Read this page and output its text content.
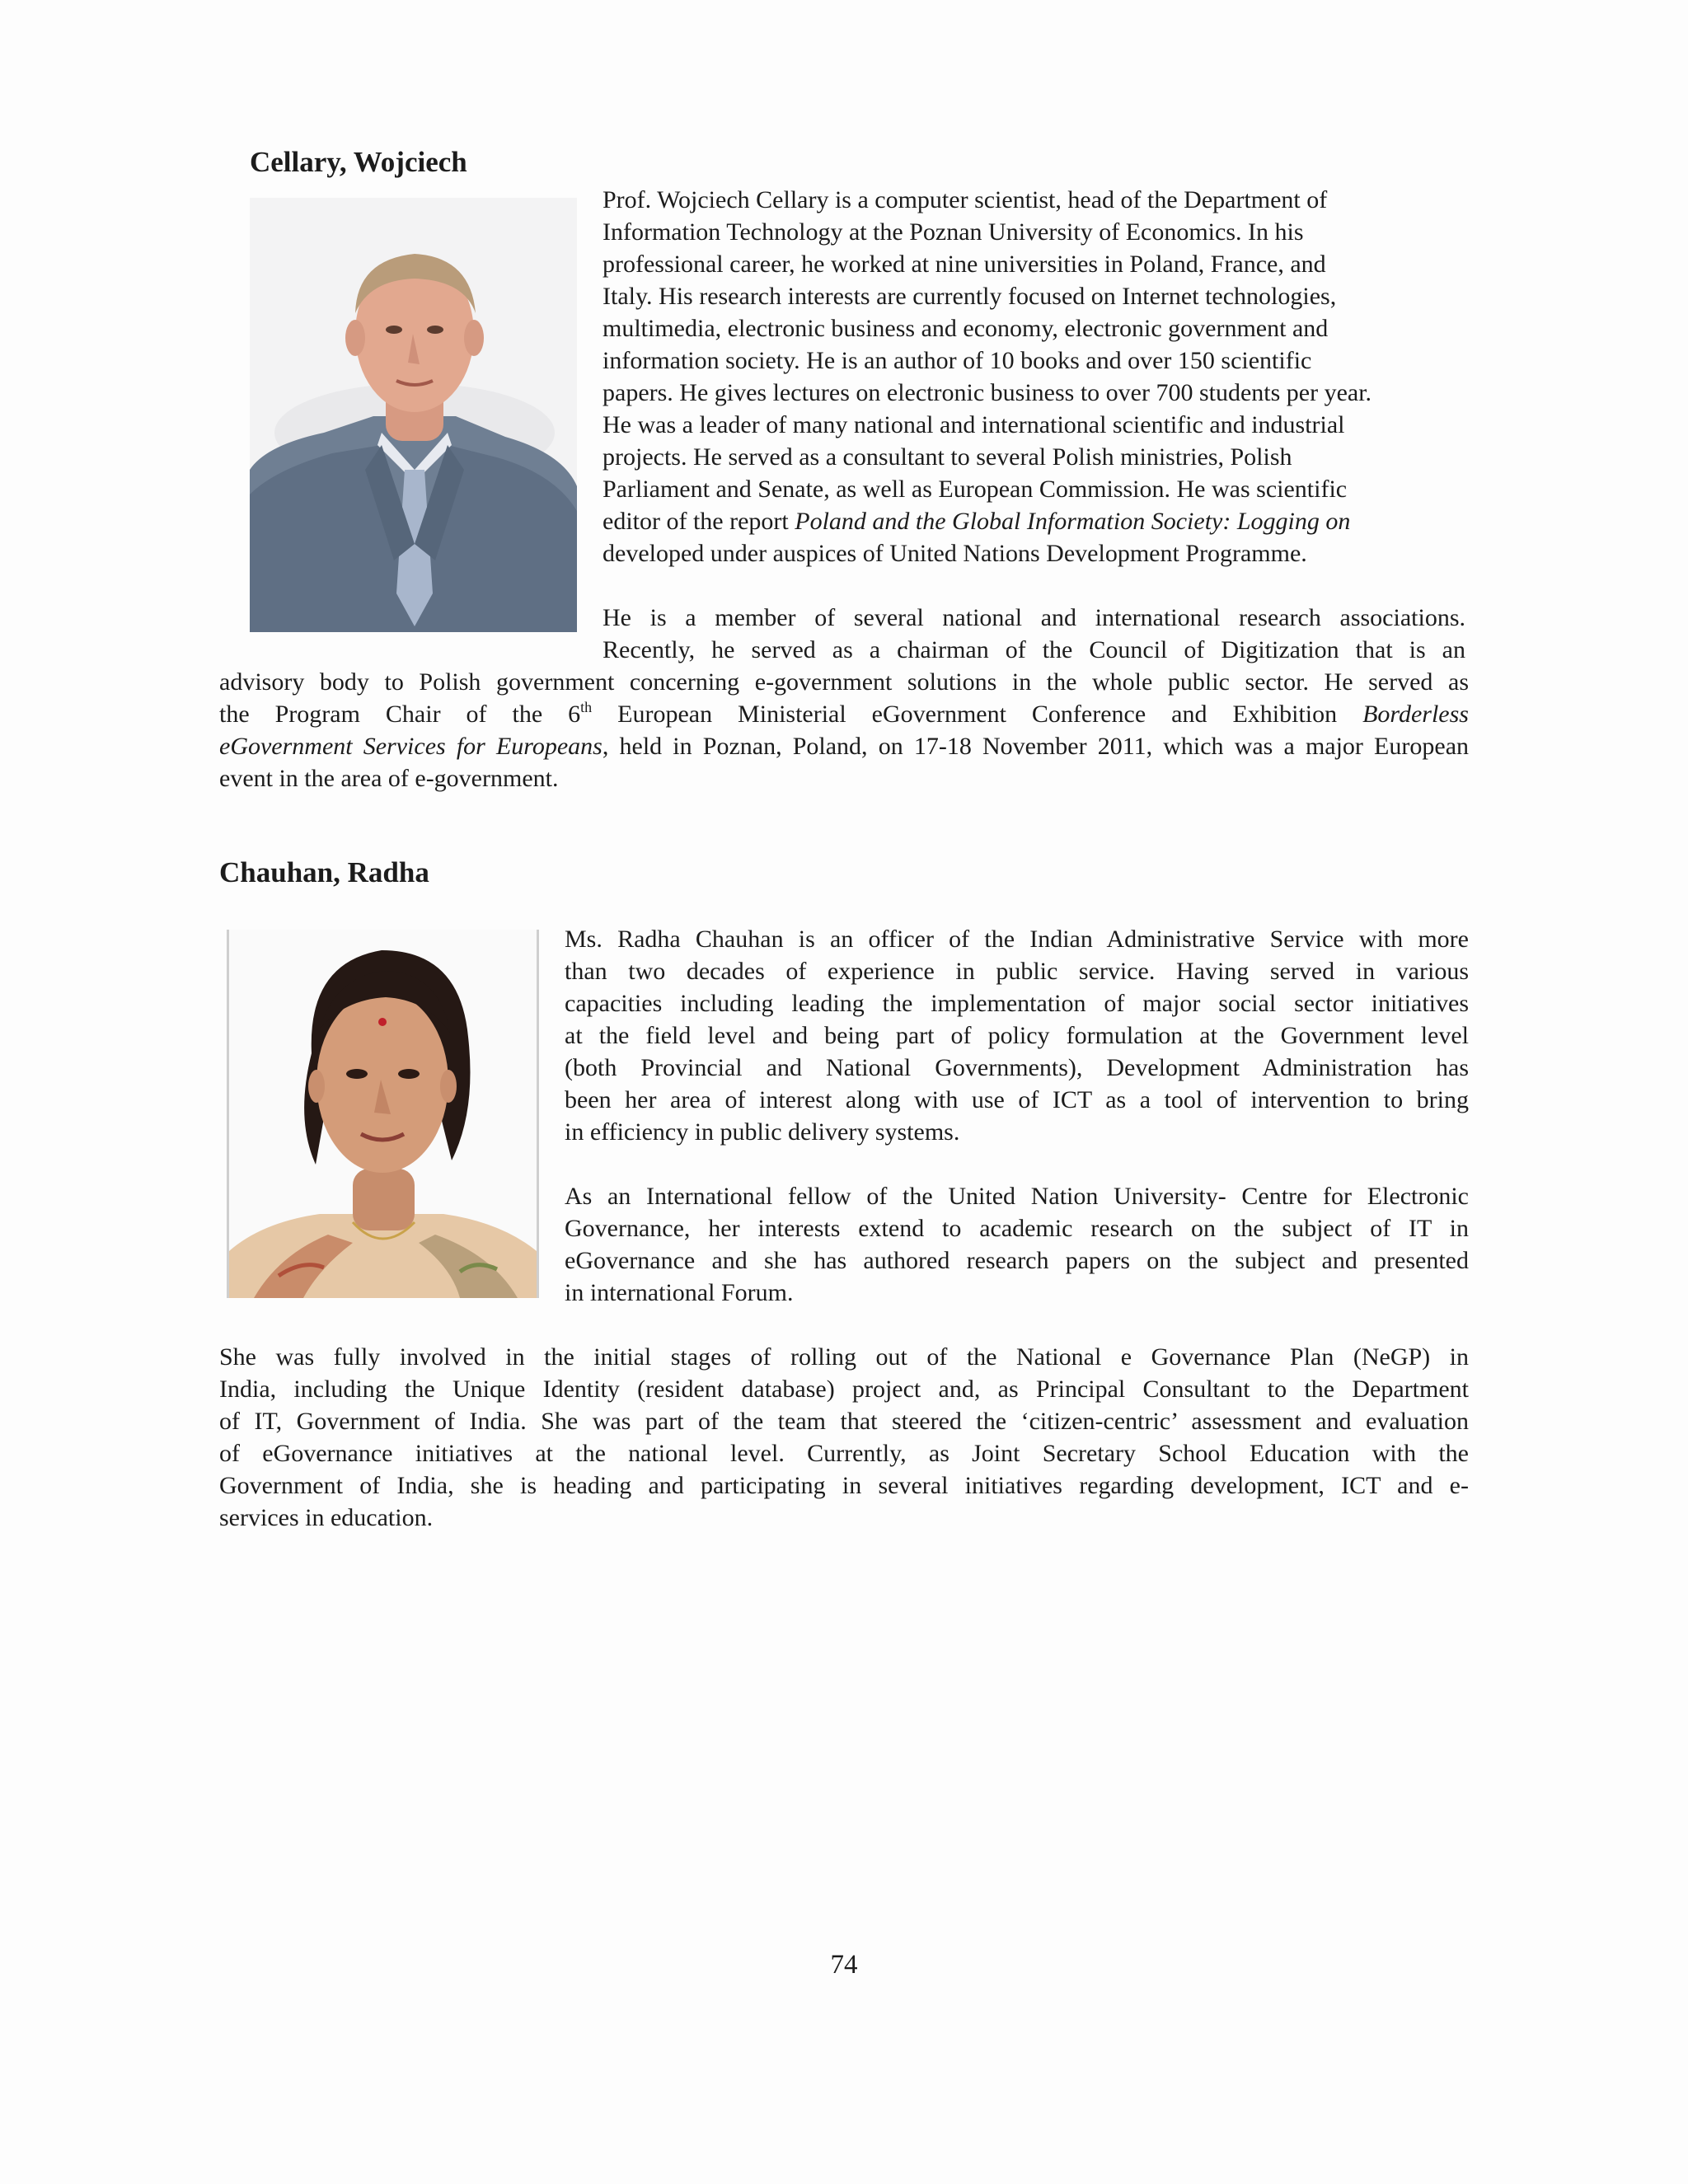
Cellary, Wojciech

Prof. Wojciech Cellary is a computer scientist, head of the Department of

Information Technology at the Poznan University of Economics. In his

professional career, he worked at nine universities in Poland, France, and

Italy. His research interests are currently focused on Internet technologies,

multimedia, electronic business and economy, electronic government and

information society. He is an author of 10 books and over 150 scientific

papers. He gives lectures on electronic business to over 700 students per year.

He was a leader of many national and international scientific and industrial

projects. He served as a consultant to several Polish ministries, Polish

Parliament and Senate, as well as European Commission. He was scientific

editor of the report Poland and the Global Information Society: Logging on

developed under auspices of United Nations Development Programme.

He is a member of several national and international research associations.

Recently, he served as a chairman of the Council of Digitization that is an

advisory body to Polish government concerning e-government solutions in the whole public sector. He served as

the Program Chair of the 6th European Ministerial eGovernment Conference and Exhibition Borderless

eGovernment Services for Europeans, held in Poznan, Poland, on 17-18 November 2011, which was a major European

event in the area of e-government.

Chauhan, Radha

Ms. Radha Chauhan is an officer of the Indian Administrative Service with more

than two decades of experience in public service. Having served in various

capacities including leading the implementation of major social sector initiatives

at the field level and being part of policy formulation at the Government level

(both Provincial and National Governments), Development Administration has

been her area of interest along with use of ICT as a tool of intervention to bring

in efficiency in public delivery systems.

As an International fellow of the United Nation University- Centre for Electronic

Governance, her interests extend to academic research on the subject of IT in

eGovernance and she has authored research papers on the subject and presented

in international Forum.

She was fully involved in the initial stages of rolling out of the National e Governance Plan (NeGP) in

India, including the Unique Identity (resident database) project and, as Principal Consultant to the Department

of IT, Government of India. She was part of the team that steered the ‘citizen-centric’ assessment and evaluation

of eGovernance initiatives at the national level. Currently, as Joint Secretary School Education with the

Government of India, she is heading and participating in several initiatives regarding development, ICT and e-

services in education.

74
